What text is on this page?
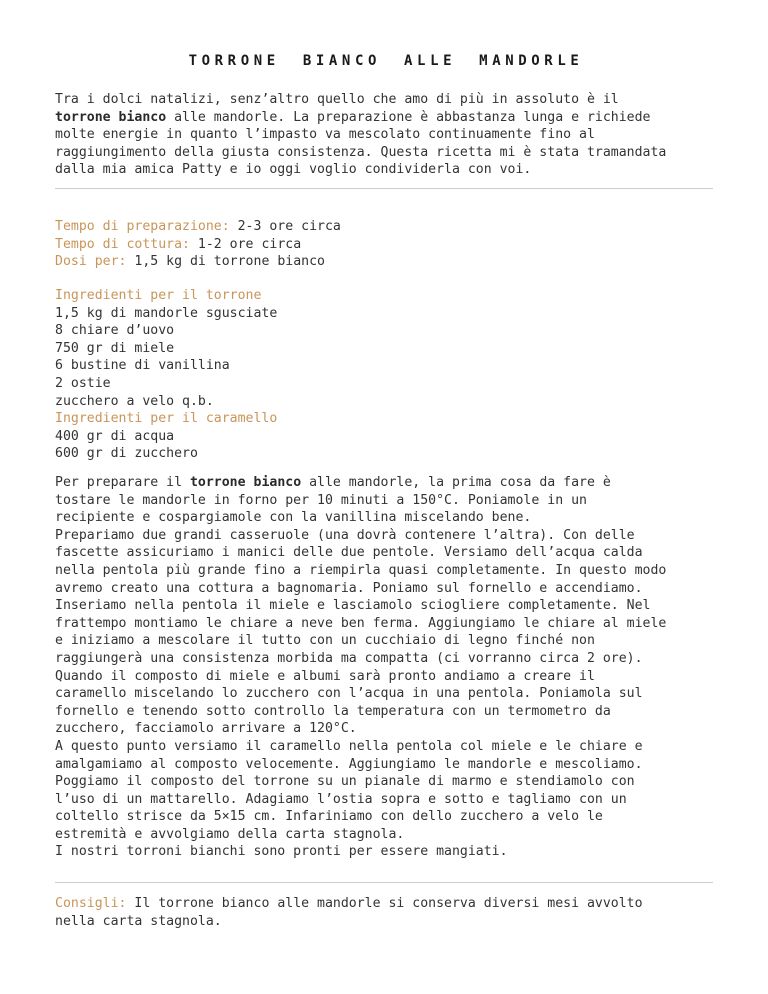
TORRONE BIANCO ALLE MANDORLE
Tra i dolci natalizi, senz’altro quello che amo di più in assoluto è il
torrone bianco alle mandorle. La preparazione è abbastanza lunga e richiede
molte energie in quanto l’impasto va mescolato continuamente fino al
raggiungimento della giusta consistenza. Questa ricetta mi è stata tramandata
dalla mia amica Patty e io oggi voglio condividerla con voi.
Tempo di preparazione: 2-3 ore circa
Tempo di cottura: 1-2 ore circa
Dosi per: 1,5 kg di torrone bianco
Ingredienti per il torrone
1,5 kg di mandorle sgusciate
8 chiare d’uovo
750 gr di miele
6 bustine di vanillina
2 ostie
zucchero a velo q.b.
Ingredienti per il caramello
400 gr di acqua
600 gr di zucchero
Per preparare il torrone bianco alle mandorle, la prima cosa da fare è
tostare le mandorle in forno per 10 minuti a 150°C. Poniamole in un
recipiente e cospargiamole con la vanillina miscelando bene.
Prepariamo due grandi casseruole (una dovrà contenere l’altra). Con delle
fascette assicuriamo i manici delle due pentole. Versiamo dell’acqua calda
nella pentola più grande fino a riempirla quasi completamente. In questo modo
avremo creato una cottura a bagnomaria. Poniamo sul fornello e accendiamo.
Inseriamo nella pentola il miele e lasciamolo sciogliere completamente. Nel
frattempo montiamo le chiare a neve ben ferma. Aggiungiamo le chiare al miele
e iniziamo a mescolare il tutto con un cucchiaio di legno finché non
raggiungerà una consistenza morbida ma compatta (ci vorranno circa 2 ore).
Quando il composto di miele e albumi sarà pronto andiamo a creare il
caramello miscelando lo zucchero con l’acqua in una pentola. Poniamola sul
fornello e tenendo sotto controllo la temperatura con un termometro da
zucchero, facciamolo arrivare a 120°C.
A questo punto versiamo il caramello nella pentola col miele e le chiare e
amalgamiamo al composto velocemente. Aggiungiamo le mandorle e mescoliamo.
Poggiamo il composto del torrone su un pianale di marmo e stendiamolo con
l’uso di un mattarello. Adagiamo l’ostia sopra e sotto e tagliamo con un
coltello strisce da 5×15 cm. Infariniamo con dello zucchero a velo le
estremità e avvolgiamo della carta stagnola.
I nostri torroni bianchi sono pronti per essere mangiati.
Consigli: Il torrone bianco alle mandorle si conserva diversi mesi avvolto
nella carta stagnola.
